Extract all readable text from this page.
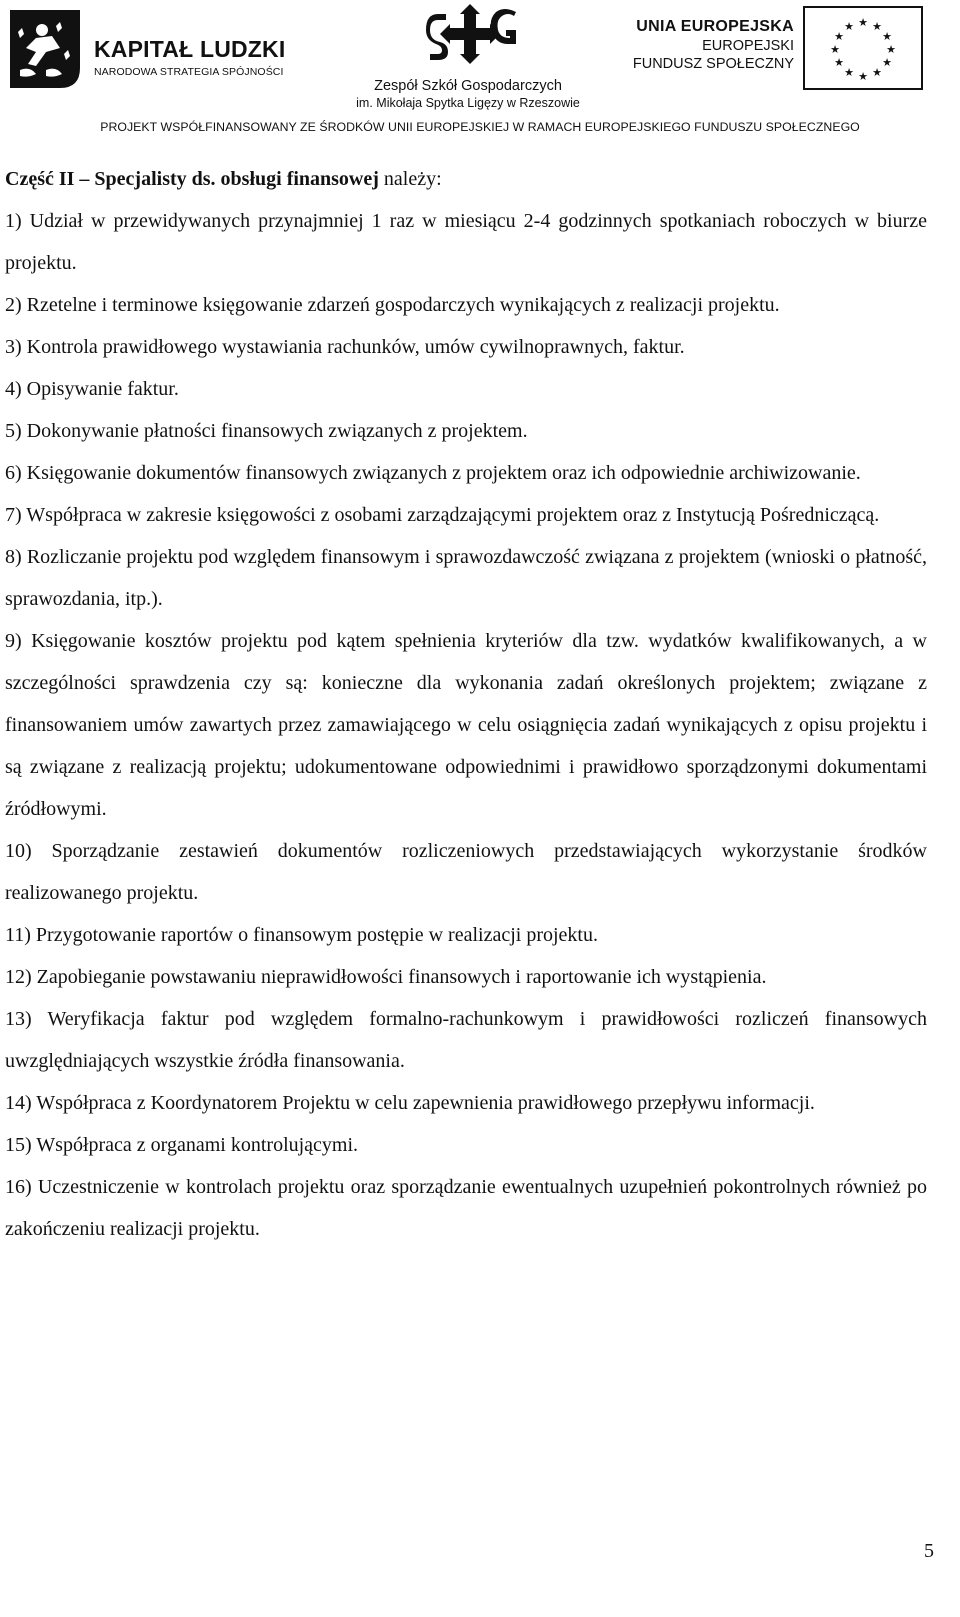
KAPITAŁ LUDZKI
NARODOWA STRATEGIA SPÓJNOŚCI
Zespół Szkół Gospodarczych
im. Mikołaja Spytka Ligęzy w Rzeszowie
UNIA EUROPEJSKA
EUROPEJSKI
FUNDUSZ SPOŁECZNY
★ ★
★
★
★
★
★
★
★
★
★
★
PROJEKT WSPÓŁFINANSOWANY ZE ŚRODKÓW UNII EUROPEJSKIEJ W RAMACH EUROPEJSKIEGO FUNDUSZU SPOŁECZNEGO

Część II – Specjalisty ds. obsługi finansowej należy:

1) Udział w przewidywanych przynajmniej 1 raz w miesiącu 2-4 godzinnych spotkaniach roboczych w biurze projektu.

2) Rzetelne i terminowe księgowanie zdarzeń gospodarczych wynikających z realizacji projektu.

3) Kontrola prawidłowego wystawiania rachunków, umów cywilnoprawnych, faktur.

4) Opisywanie faktur.

5) Dokonywanie płatności finansowych związanych z projektem.

6) Księgowanie dokumentów finansowych związanych z projektem oraz ich odpowiednie archiwizowanie.

7) Współpraca w zakresie księgowości z osobami zarządzającymi projektem oraz z Instytucją Pośredniczącą.

8) Rozliczanie projektu pod względem finansowym i sprawozdawczość związana z projektem (wnioski o płatność, sprawozdania, itp.).

9) Księgowanie kosztów projektu pod kątem spełnienia kryteriów dla tzw. wydatków kwalifikowanych, a w szczególności sprawdzenia czy są: konieczne dla wykonania zadań określonych projektem; związane z finansowaniem umów zawartych przez zamawiającego w celu osiągnięcia zadań wynikających z opisu projektu i są związane z realizacją projektu; udokumentowane odpowiednimi i prawidłowo sporządzonymi dokumentami źródłowymi.

10) Sporządzanie zestawień dokumentów rozliczeniowych przedstawiających wykorzystanie środków realizowanego projektu.

11) Przygotowanie raportów o finansowym postępie w realizacji projektu.

12) Zapobieganie powstawaniu nieprawidłowości finansowych i raportowanie ich wystąpienia.

13) Weryfikacja faktur pod względem formalno-rachunkowym i prawidłowości rozliczeń finansowych uwzględniających wszystkie źródła finansowania.

14) Współpraca z Koordynatorem Projektu w celu zapewnienia prawidłowego przepływu informacji.

15) Współpraca z organami kontrolującymi.

16) Uczestniczenie w kontrolach projektu oraz sporządzanie ewentualnych uzupełnień pokontrolnych również po zakończeniu realizacji projektu.

5
